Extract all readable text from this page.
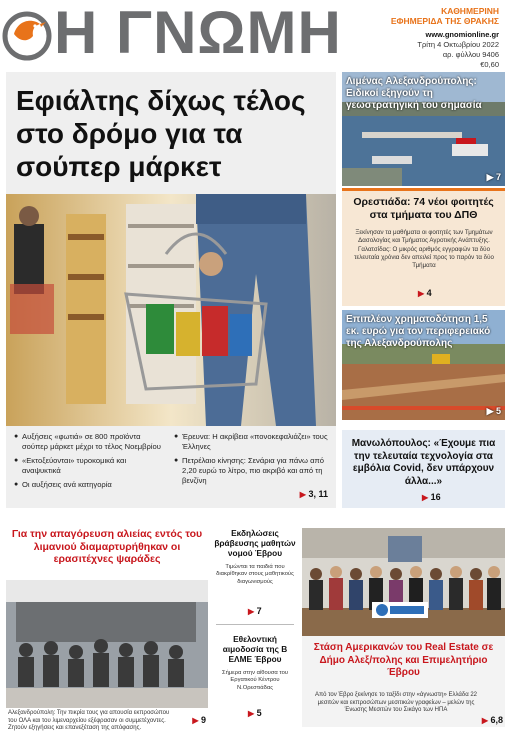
Η ΓΝΩΜΗ	ΚΑΘΗΜΕΡΙΝΗ
ΕΦΗΜΕΡΙΔΑ ΤΗΣ ΘΡΑΚΗΣ
www.gnomionline.gr
Τρίτη 4 Οκτωβρίου 2022
αρ. φύλλου 9406
€0,60
Εφιάλτης δίχως τέλος στο δρόμο για τα σούπερ μάρκετ
● Αυξήσεις «φωτιά» σε 800 προϊόντα σούπερ μάρκετ μέχρι το τέλος Νοεμβρίου
● «Εκτοξεύονται» τυροκομικά και αναψυκτικά
● Οι αυξήσεις ανά κατηγορία
● Έρευνα: Η ακρίβεια «πονοκεφαλιάζει» τους Έλληνες
● Πετρέλαιο κίνησης: Σενάρια για πάνω από 2,20 ευρώ το λίτρο, πιο ακριβό και από τη βενζίνη
▶ 3, 11
Λιμένας Αλεξανδρούπολης: Ειδικοί εξηγούν τη γεωστρατηγική του σημασία
▶ 7
Ορεστιάδα: 74 νέοι φοιτητές στα τμήματα του ΔΠΘ
Ξεκίνησαν τα μαθήματα οι φοιτητές των Τμημάτων Δασολογίας και Τμήματος Αγροτικής Ανάπτυξης. Γαλατσίδας: Ο μικρός αριθμός εγγραφών τα δύο τελευταία χρόνια δεν απειλεί προς το παρόν τα δύο Τμήματα
▶ 4
Επιπλέον χρηματοδότηση 1,5 εκ. ευρώ για τον περιφερειακό της Αλεξανδρούπολης
▶ 5
Μανωλόπουλος: «Έχουμε πια την τελευταία τεχνολογία στα εμβόλια Covid, δεν υπάρχουν άλλα...»
▶ 16
Για την απαγόρευση αλιείας εντός του λιμανιού διαμαρτυρήθηκαν οι ερασιτέχνες ψαράδες
Αλεξανδρούπολη: Την πικρία τους για απουσία εκπροσώπου του ΟΛΑ και του λιμεναρχείου εξέφρασαν οι συμμετέχοντες. Ζητούν εξηγήσεις και επανεξέταση της απόφασης.
▶ 9
Εκδηλώσεις βράβευσης μαθητών νομού Έβρου
Τιμώνται τα παιδιά που διακρίθηκαν στους μαθητικούς διαγωνισμούς
▶ 7
Εθελοντική αιμοδοσία της Β ΕΛΜΕ Έβρου
Σήμερα στην αίθουσα του Εργατικού Κέντρου Ν.Ορεστιάδας
▶ 5
Στάση Αμερικανών του Real Estate σε Δήμο Αλεξ/πολης και Επιμελητήριο Έβρου
Από τον Έβρο ξεκίνησε το ταξίδι στην «άγνωστη» Ελλάδα 22 μεσιτών και εκπροσώπων μεσιτικών γραφείων – μελών της Ένωσης Μεσιτών του Σικάγο των ΗΠΑ
▶ 6,8
